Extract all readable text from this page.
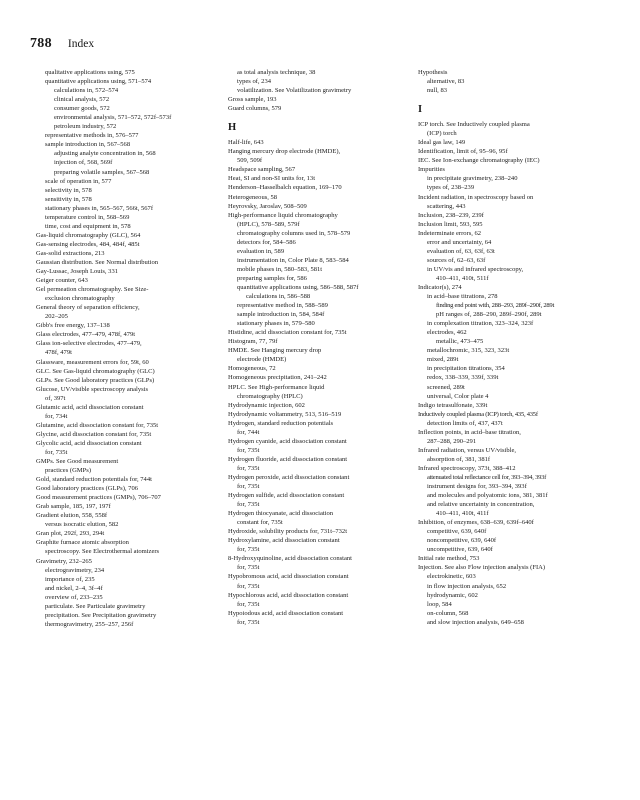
788 Index
qualitative applications using, 575
quantitative applications using, 571–574
calculations in, 572–574
clinical analysis, 572
consumer goods, 572
environmental analysis, 571–572, 572f–573f
petroleum industry, 572
representative methods in, 576–577
sample introduction in, 567–568
adjusting analyte concentration in, 568
injection of, 568, 569f
preparing volatile samples, 567–568
scale of operation in, 577
selectivity in, 578
sensitivity in, 578
stationary phases in, 565–567, 566t, 567f
temperature control in, 568–569
time, cost and equipment in, 578
Gas-liquid chromatography (GLC), 564
Gas-sensing electrodes, 484, 484f, 485t
Gas-solid extractions, 213
Gaussian distribution. See Normal distribution
Gay-Lussac, Joseph Louis, 331
Geiger counter, 643
Gel permeation chromatography. See Size-
exclusion chromatography
General theory of separation efficiency,
202–205
Gibb's free energy, 137–138
Glass electrodes, 477–479, 478f, 479t
Glass ion-selective electrodes, 477–479,
478f, 479t
Glassware, measurement errors for, 59t, 60
GLC. See Gas-liquid chromatography (GLC)
GLPs. See Good laboratory practices (GLPs)
Glucose, UV/visible spectroscopy analysis
of, 397t
Glutamic acid, acid dissociation constant
for, 734t
Glutamine, acid dissociation constant for, 735t
Glycine, acid dissociation constant for, 735t
Glycolic acid, acid dissociation constant
for, 735t
GMPs. See Good measurement
practices (GMPs)
Gold, standard reduction potentials for, 744t
Good laboratory practices (GLPs), 706
Good measurement practices (GMPs), 706–707
Grab sample, 185, 197, 197f
Gradient elution, 558, 558f
versus isocratic elution, 582
Gran plot, 292f, 293, 294t
Graphite furnace atomic absorption
spectroscopy. See Electrothermal atomizers
Gravimetry, 232–265
electrogravimetry, 234
importance of, 235
and nickel, 2–4, 3f–4f
overview of, 233–235
particulate. See Particulate gravimetry
precipitation. See Precipitation gravimetry
thermogravimetry, 255–257, 256f
as total analysis technique, 38
types of, 234
volatilization. See Volatilization gravimetry
Gross sample, 193
Guard columns, 579
H
Half-life, 643
Hanging mercury drop electrode (HMDE),
509, 509f
Headspace sampling, 567
Heat, SI and non-SI units for, 13t
Henderson–Hasselbalch equation, 169–170
Heterogeneous, 58
Heyrovsky, Jaroslav, 508–509
High-performance liquid chromatography
(HPLC), 578–589, 579f
chromatography columns used in, 578–579
detectors for, 584–586
evaluation in, 589
instrumentation in, Color Plate 8, 583–584
mobile phases in, 580–583, 581t
preparing samples for, 586
quantitative applications using, 586–588, 587f
calculations in, 586–588
representative method in, 588–589
sample introduction in, 584, 584f
stationary phases in, 579–580
Histidine, acid dissociation constant for, 735t
Histogram, 77, 79f
HMDE. See Hanging mercury drop
electrode (HMDE)
Homogeneous, 72
Homogeneous precipitation, 241–242
HPLC. See High-performance liquid
chromatography (HPLC)
Hydrodynamic injection, 602
Hydrodynamic voltammetry, 513, 516–519
Hydrogen, standard reduction potentials
for, 744t
Hydrogen cyanide, acid dissociation constant
for, 735t
Hydrogen fluoride, acid dissociation constant
for, 735t
Hydrogen peroxide, acid dissociation constant
for, 735t
Hydrogen sulfide, acid dissociation constant
for, 735t
Hydrogen thiocyanate, acid dissociation
constant for, 735t
Hydroxide, solubility products for, 731t–732t
Hydroxylamine, acid dissociation constant
for, 735t
8-Hydroxyquinoline, acid dissociation constant
for, 735t
Hypobromous acid, acid dissociation constant
for, 735t
Hypochlorous acid, acid dissociation constant
for, 735t
Hypoiodous acid, acid dissociation constant
for, 735t
Hypothesis
alternative, 83
null, 83
I
ICP torch. See Inductively coupled plasma
(ICP) torch
Ideal gas law, 149
Identification, limit of, 95–96, 95f
IEC. See Ion-exchange chromatography (IEC)
Impurities
in precipitate gravimetry, 238–240
types of, 238–239
Incident radiation, in spectroscopy based on
scattering, 443
Inclusion, 238–239, 239f
Inclusion limit, 593, 595
Indeterminate errors, 62
error and uncertainty, 64
evaluation of, 63, 63f, 63t
sources of, 62–63, 63f
in UV/vis and infrared spectroscopy,
410–411, 410t, 511f
Indicator(s), 274
in acid–base titrations, 278
finding end point with, 288–293, 289f–290f, 289t
pH ranges of, 288–290, 289f–290f, 289t
in complexation titration, 323–324, 323f
electrodes, 462
metallic, 473–475
metallochromic, 315, 323, 323t
mixed, 289t
in precipitation titrations, 354
redox, 338–339, 339f, 339t
screened, 289t
universal, Color plate 4
Indigo tetrasulfonate, 339t
Inductively coupled plasma (ICP) torch, 435, 435f
detection limits of, 437, 437t
Inflection points, in acid–base titration,
287–288, 290–291
Infrared radiation, versus UV/visible,
absorption of, 381, 381f
Infrared spectroscopy, 373t, 388–412
attenuated total reflectance cell for, 393–394, 393f
instrument designs for, 393–394, 393f
and molecules and polyatomic ions, 381, 381f
and relative uncertainty in concentration,
410–411, 410t, 411f
Inhibition, of enzymes, 638–639, 639f–640f
competitive, 639, 640f
noncompetitive, 639, 640f
uncompetitive, 639, 640f
Initial rate method, 753
Injection. See also Flow injection analysis (FIA)
electrokinetic, 603
in flow injection analysis, 652
hydrodynamic, 602
loop, 584
on-column, 568
and slow injection analysis, 649–658
